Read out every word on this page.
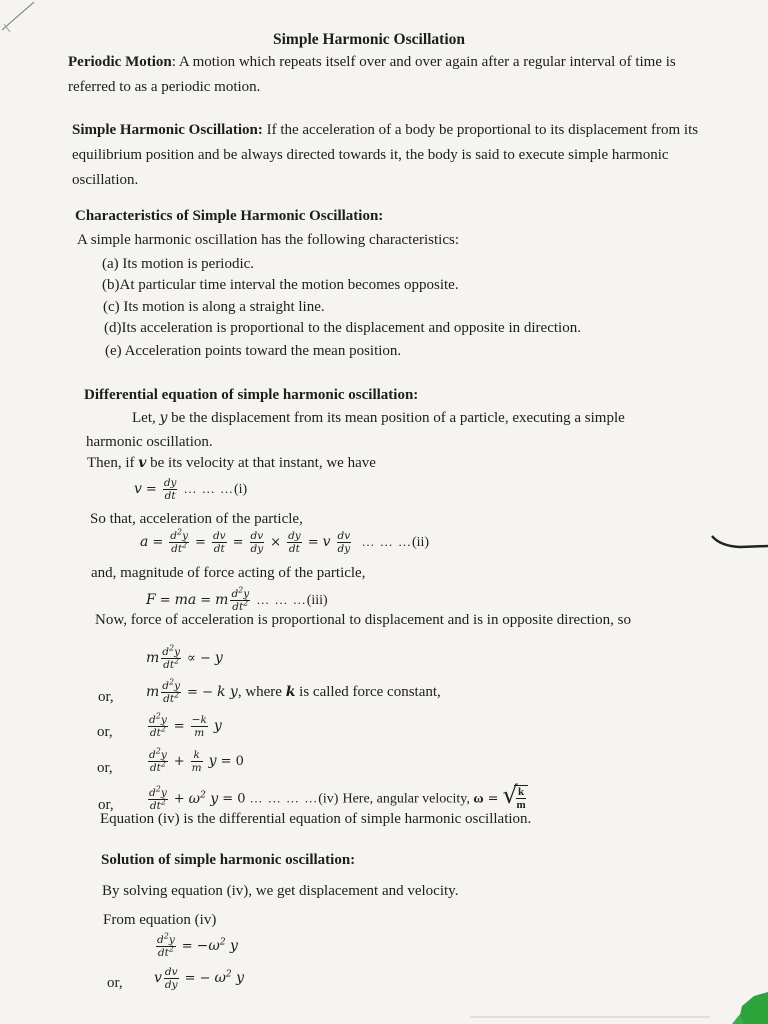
Simple Harmonic Oscillation
Periodic Motion: A motion which repeats itself over and over again after a regular interval of time is referred to as a periodic motion.
Simple Harmonic Oscillation: If the acceleration of a body be proportional to its displacement from its equilibrium position and be always directed towards it, the body is said to execute simple harmonic oscillation.
Characteristics of Simple Harmonic Oscillation:
A simple harmonic oscillation has the following characteristics:
(a) Its motion is periodic.
(b)At particular time interval the motion becomes opposite.
(c) Its motion is along a straight line.
(d)Its acceleration is proportional to the displacement and opposite in direction.
(e) Acceleration points toward the mean position.
Differential equation of simple harmonic oscillation:
Let, y be the displacement from its mean position of a particle, executing a simple
harmonic oscillation.
Then, if v be its velocity at that instant, we have
$v = \frac{dy}{dt}$ … … …(i)
So that, acceleration of the particle,
$a = \frac{d^2y}{dt^2} = \frac{dv}{dt} = \frac{dv}{dy} \times \frac{dy}{dt} = v \frac{dv}{dy}$ … … …(ii)
and, magnitude of force acting of the particle,
F = ma = m $\frac{d^2y}{dt^2}$ … … …(iii)
Now, force of acceleration is proportional to displacement and is in opposite direction, so
m $\frac{d^2y}{dt^2}$ ∝ − y
or, m $\frac{d^2y}{dt^2}$ = − k y, where k is called force constant,
or,	$\frac{d^2y}{dt^2} = \frac{-k}{m}$ y
or,	$\frac{d^2y}{dt^2} + \frac{k}{m}$ y = 0
or,	$\frac{d^2y}{dt^2} + \omega^2$ y = 0 … … … …(iv) Here, angular velocity, ω = √
$\frac{k}{m}$
Equation (iv) is the differential equation of simple harmonic oscillation.
Solution of simple harmonic oscillation:
By solving equation (iv), we get displacement and velocity.
From equation (iv)
$\frac{d^2y}{dt^2} = -\omega^2$ y
or, v $\frac{dv}{dy}$ = − $\omega^2$ y
